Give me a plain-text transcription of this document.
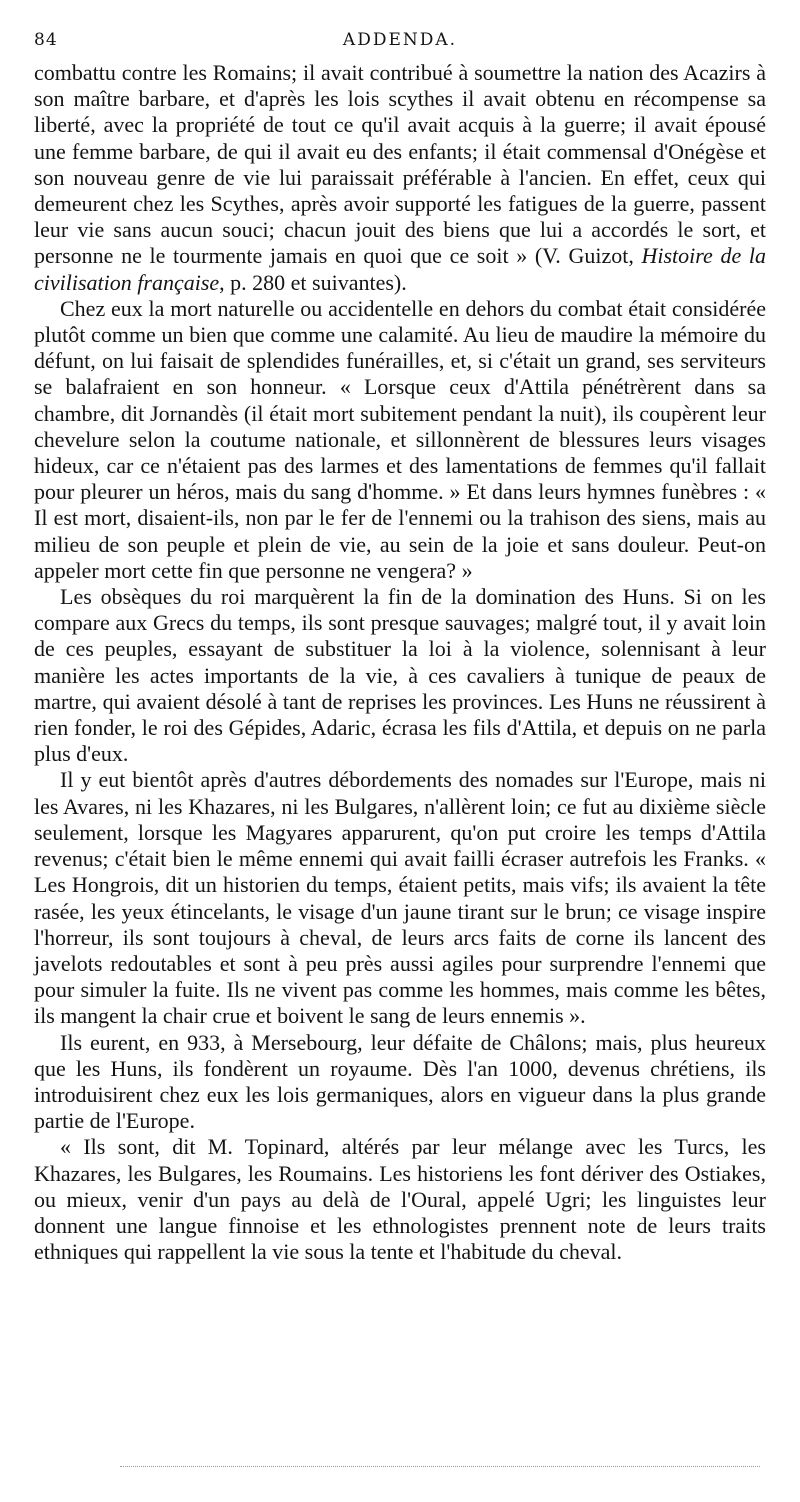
84	ADDENDA.

combattu contre les Romains; il avait contribué à soumettre la nation des Acazirs à son maître barbare, et d'après les lois scythes il avait obtenu en récompense sa liberté, avec la propriété de tout ce qu'il avait acquis à la guerre; il avait épousé une femme barbare, de qui il avait eu des enfants; il était commensal d'Onégèse et son nouveau genre de vie lui paraissait préférable à l'ancien. En effet, ceux qui demeurent chez les Scythes, après avoir supporté les fatigues de la guerre, passent leur vie sans aucun souci; chacun jouit des biens que lui a accordés le sort, et personne ne le tourmente jamais en quoi que ce soit » (V. Guizot, Histoire de la civilisation française, p. 280 et suivantes).

Chez eux la mort naturelle ou accidentelle en dehors du combat était considérée plutôt comme un bien que comme une calamité. Au lieu de maudire la mémoire du défunt, on lui faisait de splendides funérailles, et, si c'était un grand, ses serviteurs se balafraient en son honneur. « Lorsque ceux d'Attila pénétrèrent dans sa chambre, dit Jornandès (il était mort subitement pendant la nuit), ils coupèrent leur chevelure selon la coutume nationale, et sillonnèrent de blessures leurs visages hideux, car ce n'étaient pas des larmes et des lamentations de femmes qu'il fallait pour pleurer un héros, mais du sang d'homme. » Et dans leurs hymnes funèbres : « Il est mort, disaient-ils, non par le fer de l'ennemi ou la trahison des siens, mais au milieu de son peuple et plein de vie, au sein de la joie et sans douleur. Peut-on appeler mort cette fin que personne ne vengera? »

Les obsèques du roi marquèrent la fin de la domination des Huns. Si on les compare aux Grecs du temps, ils sont presque sauvages; malgré tout, il y avait loin de ces peuples, essayant de substituer la loi à la violence, solennisant à leur manière les actes importants de la vie, à ces cavaliers à tunique de peaux de martre, qui avaient désolé à tant de reprises les provinces. Les Huns ne réussirent à rien fonder, le roi des Gépides, Adaric, écrasa les fils d'Attila, et depuis on ne parla plus d'eux.

Il y eut bientôt après d'autres débordements des nomades sur l'Europe, mais ni les Avares, ni les Khazares, ni les Bulgares, n'allèrent loin; ce fut au dixième siècle seulement, lorsque les Magyares apparurent, qu'on put croire les temps d'Attila revenus; c'était bien le même ennemi qui avait failli écraser autrefois les Franks. « Les Hongrois, dit un historien du temps, étaient petits, mais vifs; ils avaient la tête rasée, les yeux étincelants, le visage d'un jaune tirant sur le brun; ce visage inspire l'horreur, ils sont toujours à cheval, de leurs arcs faits de corne ils lancent des javelots redoutables et sont à peu près aussi agiles pour surprendre l'ennemi que pour simuler la fuite. Ils ne vivent pas comme les hommes, mais comme les bêtes, ils mangent la chair crue et boivent le sang de leurs ennemis ».

Ils eurent, en 933, à Mersebourg, leur défaite de Châlons; mais, plus heureux que les Huns, ils fondèrent un royaume. Dès l'an 1000, devenus chrétiens, ils introduisirent chez eux les lois germaniques, alors en vigueur dans la plus grande partie de l'Europe.

« Ils sont, dit M. Topinard, altérés par leur mélange avec les Turcs, les Khazares, les Bulgares, les Roumains. Les historiens les font dériver des Ostiakes, ou mieux, venir d'un pays au delà de l'Oural, appelé Ugri; les linguistes leur donnent une langue finnoise et les ethnologistes prennent note de leurs traits ethniques qui rappellent la vie sous la tente et l'habitude du cheval.
